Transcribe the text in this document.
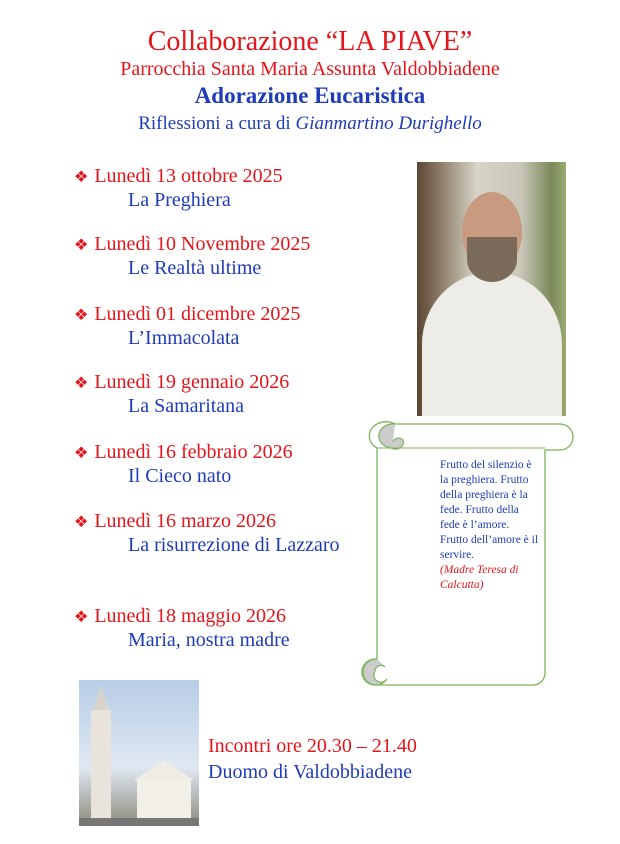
Collaborazione “LA PIAVE”
Parrocchia Santa Maria Assunta Valdobbiadene
Adorazione Eucaristica
Riflessioni a cura di Gianmartino Durighello
❖ Lunedì 13 ottobre 2025
La Preghiera
❖ Lunedì 10 Novembre 2025
Le Realtà ultime
❖ Lunedì 01 dicembre 2025
L’Immacolata
❖ Lunedì 19 gennaio 2026
La Samaritana
❖ Lunedì 16 febbraio 2026
Il Cieco nato
❖ Lunedì 16 marzo 2026
La risurrezione di Lazzaro
❖ Lunedì 18 maggio 2026
Maria, nostra madre
Frutto del silenzio è la preghiera. Frutto della preghiera è la fede. Frutto della fede è l’amore. Frutto dell’amore è il servire.
(Madre Teresa di Calcutta)
Incontri ore 20.30 – 21.40
Duomo di Valdobbiadene
